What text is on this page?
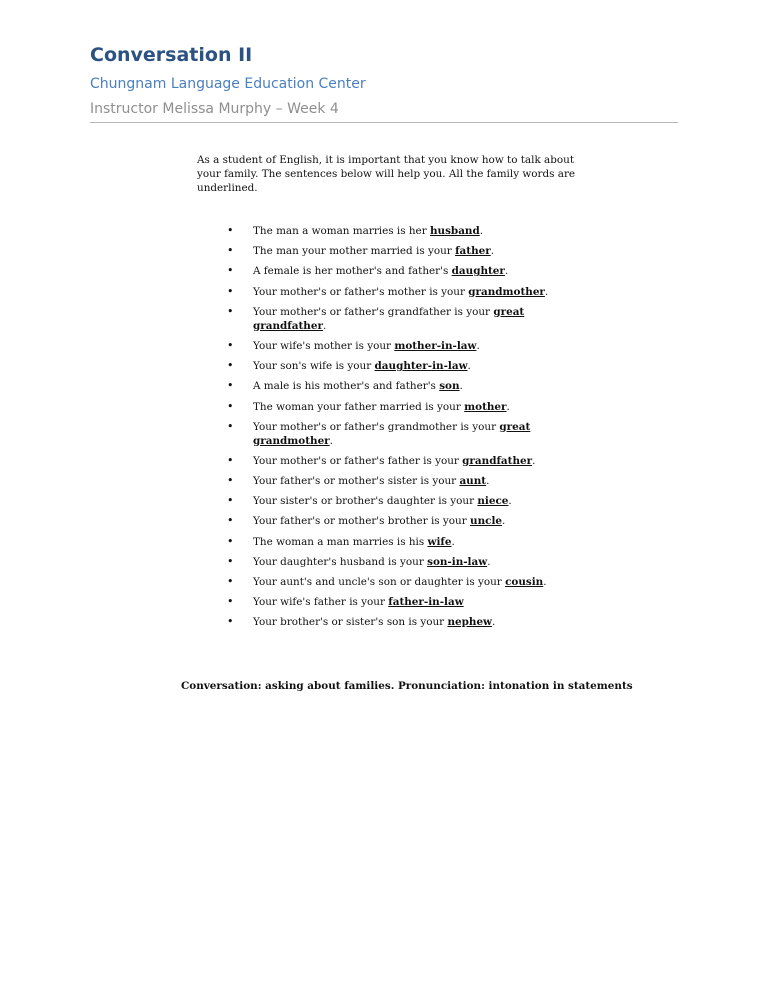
Conversation II
Chungnam Language Education Center
Instructor Melissa Murphy – Week 4
As a student of English, it is important that you know how to talk about your family. The sentences below will help you. All the family words are underlined.
• The man a woman marries is her husband.
• The man your mother married is your father.
• A female is her mother's and father's daughter.
• Your mother's or father's mother is your grandmother.
• Your mother's or father's grandfather is your great grandfather.
• Your wife's mother is your mother-in-law.
• Your son's wife is your daughter-in-law.
• A male is his mother's and father's son.
• The woman your father married is your mother.
• Your mother's or father's grandmother is your great grandmother.
• Your mother's or father's father is your grandfather.
• Your father's or mother's sister is your aunt.
• Your sister's or brother's daughter is your niece.
• Your father's or mother's brother is your uncle.
• The woman a man marries is his wife.
• Your daughter's husband is your son-in-law.
• Your aunt's and uncle's son or daughter is your cousin.
• Your wife's father is your father-in-law
• Your brother's or sister's son is your nephew.
Conversation: asking about families. Pronunciation: intonation in statements
